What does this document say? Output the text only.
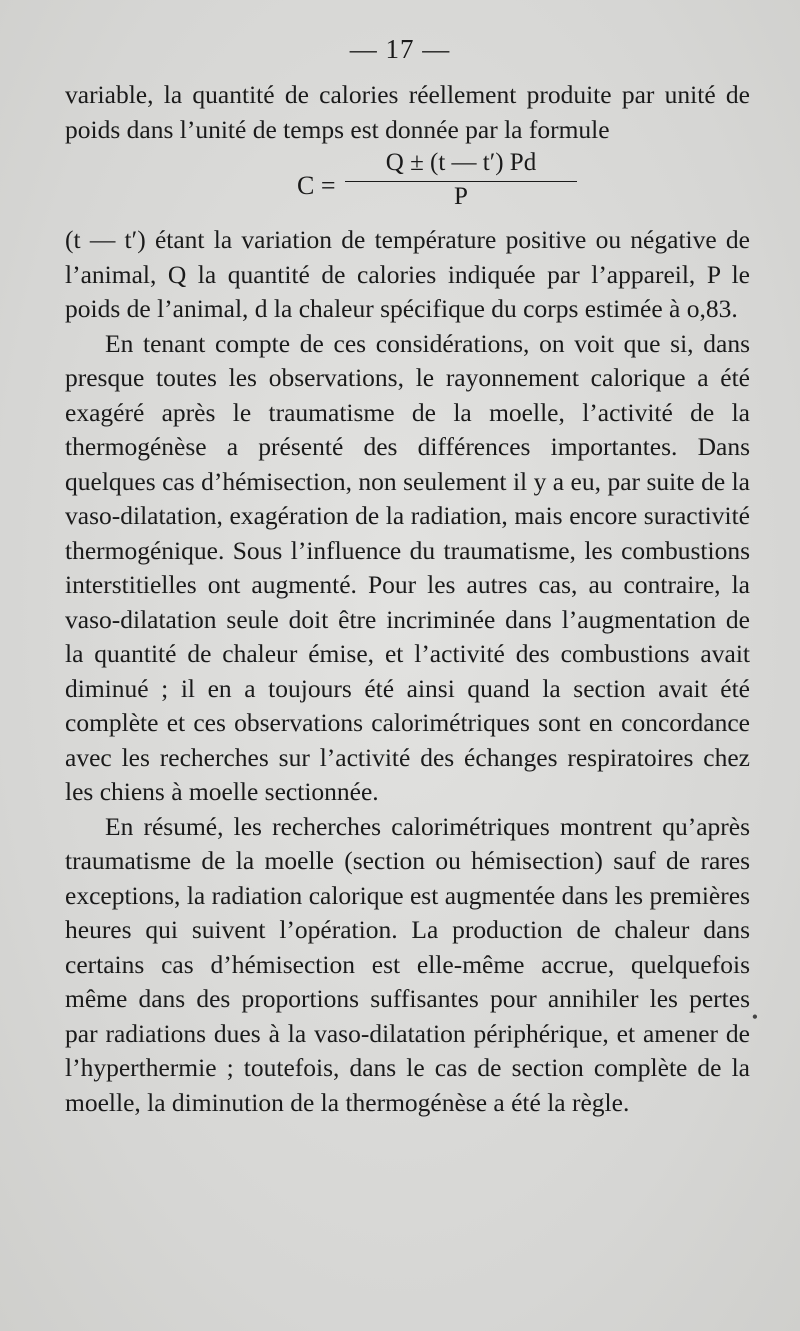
— 17 —

variable, la quantité de calories réellement produite par unité de poids dans l’unité de temps est donnée par la formule

$C = \frac{Q \pm (t — t') Pd}{P}$

(t — t′) étant la variation de température positive ou négative de l’animal, Q la quantité de calories indiquée par l’appareil, P le poids de l’animal, d la chaleur spécifique du corps estimée à o,83.

En tenant compte de ces considérations, on voit que si, dans presque toutes les observations, le rayonnement calorique a été exagéré après le traumatisme de la moelle, l’activité de la thermogénèse a présenté des différences importantes. Dans quelques cas d’hémisection, non seulement il y a eu, par suite de la vaso-dilatation, exagération de la radiation, mais encore suractivité thermogénique. Sous l’influence du traumatisme, les combustions interstitielles ont augmenté. Pour les autres cas, au contraire, la vaso-dilatation seule doit être incriminée dans l’augmentation de la quantité de chaleur émise, et l’activité des combustions avait diminué ; il en a toujours été ainsi quand la section avait été complète et ces observations calorimétriques sont en concordance avec les recherches sur l’activité des échanges respiratoires chez les chiens à moelle sectionnée.

En résumé, les recherches calorimétriques montrent qu’après traumatisme de la moelle (section ou hémisection) sauf de rares exceptions, la radiation calorique est augmentée dans les premières heures qui suivent l’opération. La production de chaleur dans certains cas d’hémisection est elle-même accrue, quelquefois même dans des proportions suffisantes pour annihiler les pertes par radiations dues à la vaso-dilatation périphérique, et amener de l’hyperthermie ; toutefois, dans le cas de section complète de la moelle, la diminution de la thermogénèse a été la règle.

•
